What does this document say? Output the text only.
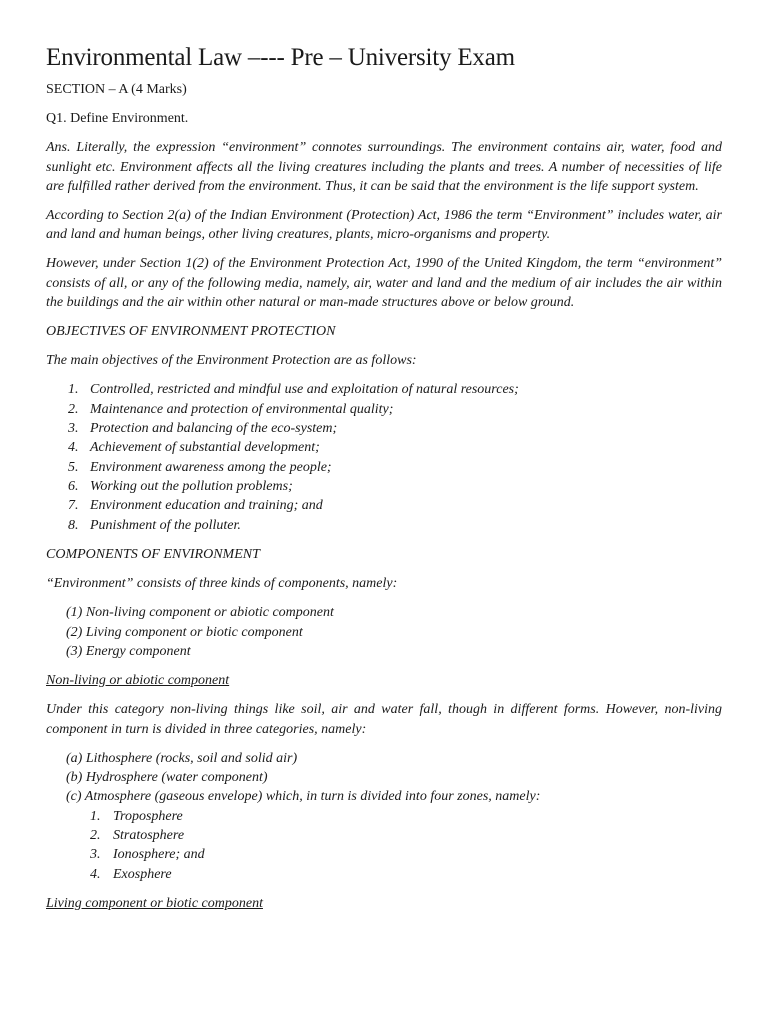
Environmental Law –--- Pre – University Exam

SECTION – A (4 Marks)

Q1. Define Environment.

Ans. Literally, the expression “environment” connotes surroundings. The environment contains air, water, food and sunlight etc. Environment affects all the living creatures including the plants and trees. A number of necessities of life are fulfilled rather derived from the environment. Thus, it can be said that the environment is the life support system.

According to Section 2(a) of the Indian Environment (Protection) Act, 1986 the term “Environment” includes water, air and land and human beings, other living creatures, plants, micro-organisms and property.

However, under Section 1(2) of the Environment Protection Act, 1990 of the United Kingdom, the term “environment” consists of all, or any of the following media, namely, air, water and land and the medium of air includes the air within the buildings and the air within other natural or man-made structures above or below ground.

OBJECTIVES OF ENVIRONMENT PROTECTION

The main objectives of the Environment Protection are as follows:

1. Controlled, restricted and mindful use and exploitation of natural resources;
2. Maintenance and protection of environmental quality;
3. Protection and balancing of the eco-system;
4. Achievement of substantial development;
5. Environment awareness among the people;
6. Working out the pollution problems;
7. Environment education and training; and
8. Punishment of the polluter.

COMPONENTS OF ENVIRONMENT

“Environment” consists of three kinds of components, namely:

(1) Non-living component or abiotic component
(2) Living component or biotic component
(3) Energy component

Non-living or abiotic component

Under this category non-living things like soil, air and water fall, though in different forms. However, non-living component in turn is divided in three categories, namely:

(a) Lithosphere (rocks, soil and solid air)
(b) Hydrosphere (water component)
(c) Atmosphere (gaseous envelope) which, in turn is divided into four zones, namely:
1. Troposphere
2. Stratosphere
3. Ionosphere; and
4. Exosphere

Living component or biotic component
